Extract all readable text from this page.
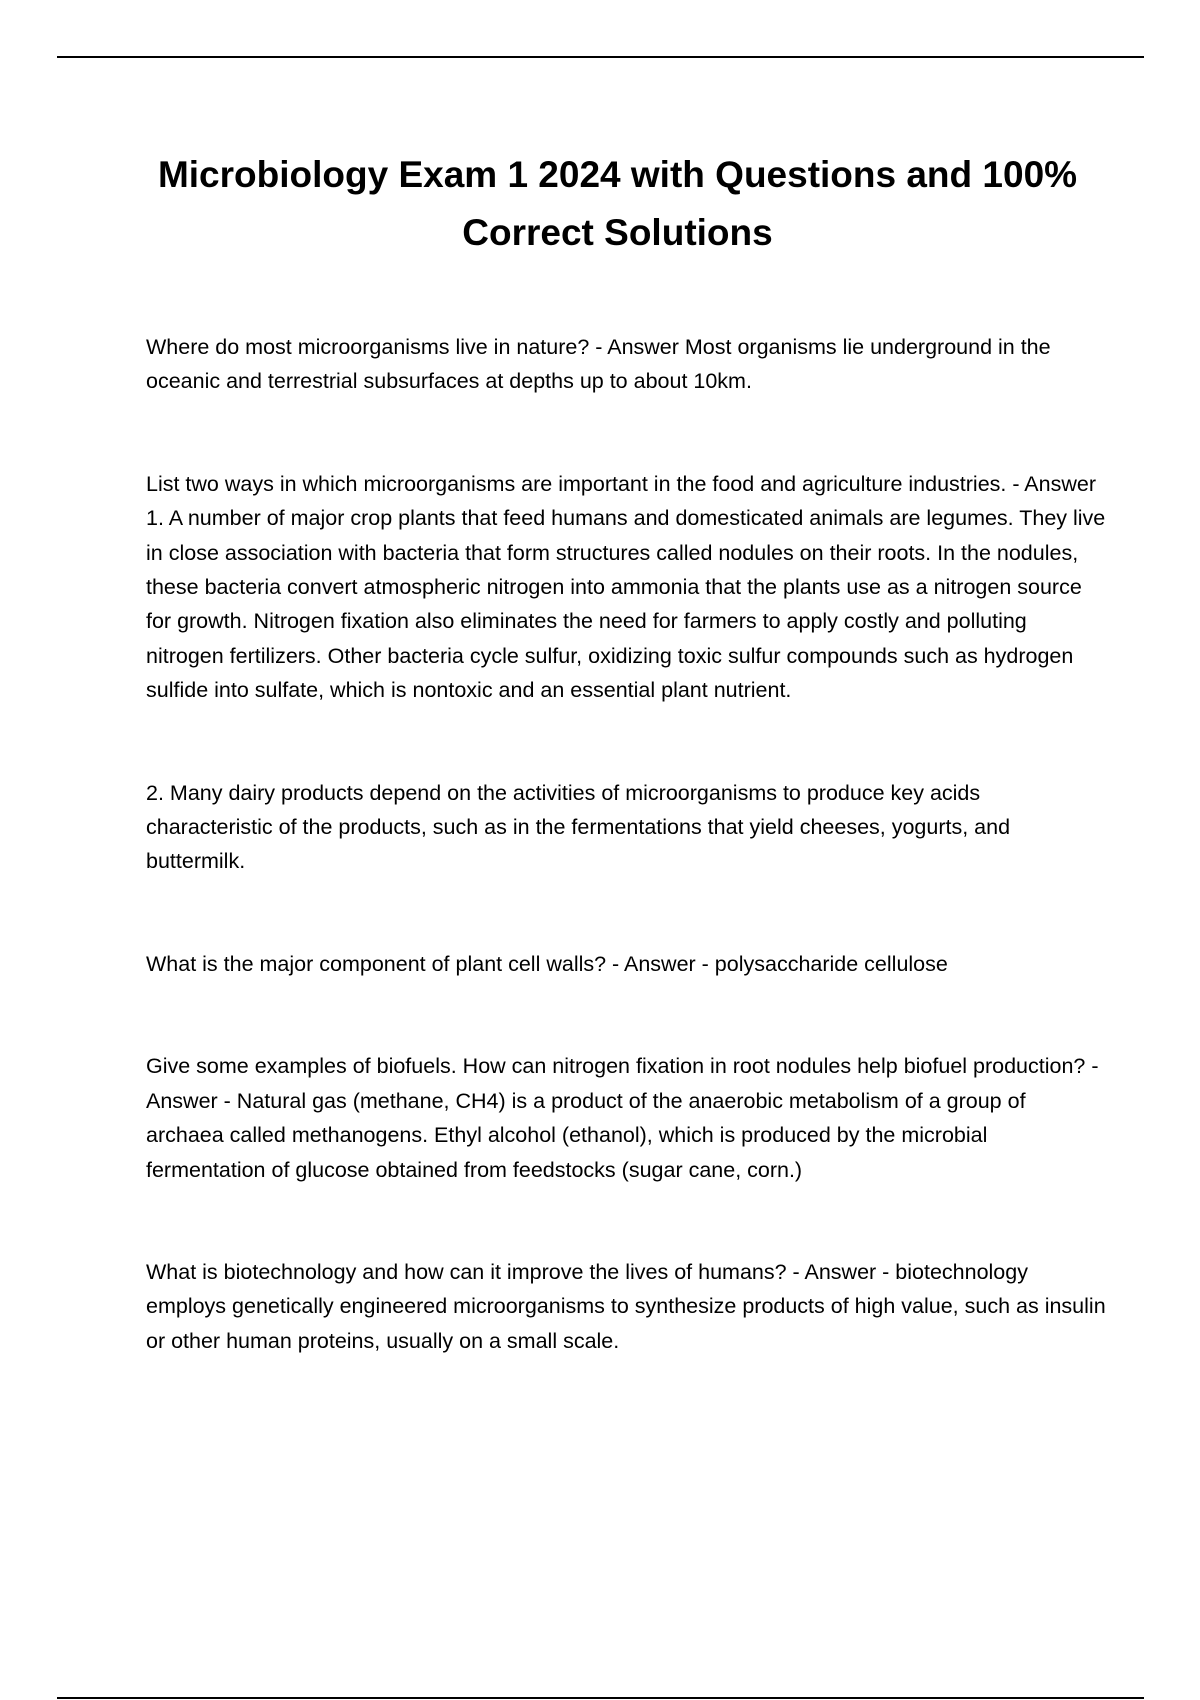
Microbiology Exam 1 2024 with Questions and 100% Correct Solutions

Where do most microorganisms live in nature? - Answer Most organisms lie underground in the oceanic and terrestrial subsurfaces at depths up to about 10km.

List two ways in which microorganisms are important in the food and agriculture industries. - Answer 1. A number of major crop plants that feed humans and domesticated animals are legumes. They live in close association with bacteria that form structures called nodules on their roots. In the nodules, these bacteria convert atmospheric nitrogen into ammonia that the plants use as a nitrogen source for growth. Nitrogen fixation also eliminates the need for farmers to apply costly and polluting nitrogen fertilizers. Other bacteria cycle sulfur, oxidizing toxic sulfur compounds such as hydrogen sulfide into sulfate, which is nontoxic and an essential plant nutrient.

2. Many dairy products depend on the activities of microorganisms to produce key acids characteristic of the products, such as in the fermentations that yield cheeses, yogurts, and buttermilk.

What is the major component of plant cell walls? - Answer - polysaccharide cellulose

Give some examples of biofuels. How can nitrogen fixation in root nodules help biofuel production? - Answer - Natural gas (methane, CH4) is a product of the anaerobic metabolism of a group of archaea called methanogens. Ethyl alcohol (ethanol), which is produced by the microbial fermentation of glucose obtained from feedstocks (sugar cane, corn.)

What is biotechnology and how can it improve the lives of humans? - Answer - biotechnology employs genetically engineered microorganisms to synthesize products of high value, such as insulin or other human proteins, usually on a small scale.
